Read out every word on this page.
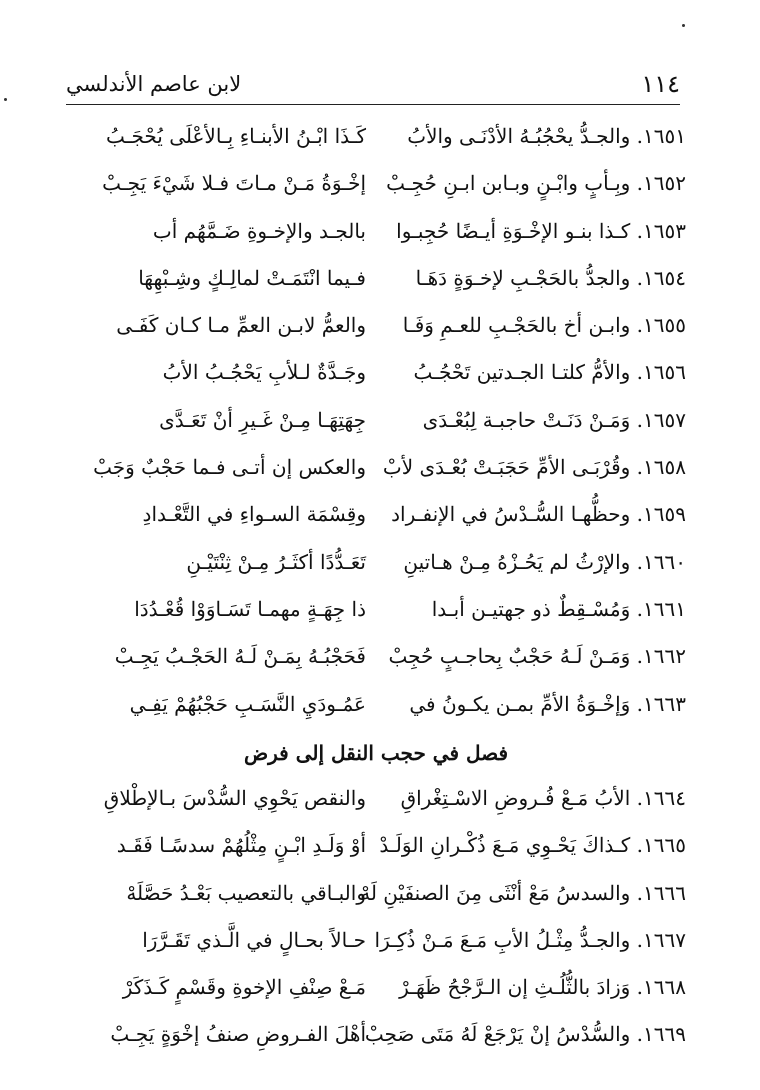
١١٤
لابن عاصم الأندلسي
١٦٥١. والجـدُّ يحْجُبُـهُ الأدْنَـى والأبُ
كَـذَا ابْـنُ الأبنـاءِ بِـالأعْلَى يُحْجَـبُ
١٦٥٢. وبِـأبٍ وابْـنٍ وبـابن ابـنِ حُجِـبْ
إخْـوَةُ مَـنْ مـاتَ فـلا شَيْءَ يَجِـبْ
١٦٥٣. كـذا بنـو الإخْـوَةِ أيـضًا حُجِبـوا
بالجـد والإخـوةِ ضَـمَّهُم أب
١٦٥٤. والجدُّ بالحَجْـبِ لإخـوَةٍ دَهَـا
فـيما انْتَمَـتْ لمالِـكٍ وشِـبْهِهَا
١٦٥٥. وابـن أخ بالحَجْـبِ للعـمِ وَفَـا
والعمُّ لابـن العمِّ مـا كـان كَفَـى
١٦٥٦. والأمُّ كلتـا الجـدتين تَحْجُـبُ
وجَـدَّةٌ لـلأبِ يَحْجُـبُ الأبُ
١٦٥٧. وَمَـنْ دَنَـتْ حاجبـة لِبُعْـدَى
جِهَتِهَـا مِـنْ غَـيرِ أنْ تَعَـدَّى
١٦٥٨. وقُرْبَـى الأمِّ حَجَبَـتْ بُعْـدَى لأبْ
والعكس إن أتـى فـما حَجْبٌ وَجَبْ
١٦٥٩. وحظُّهـا السُّـدْسُ في الإنفـراد
وقِسْمَة السـواءِ في التَّعْـدادِ
١٦٦٠. والإرْثُ لم يَحُـزْهُ مِـنْ هـاتينِ
تَعَـدُّدًا أكثَـرُ مِـنْ ثِنْتَيْـنِ
١٦٦١. وَمُسْـقِطٌ ذو جهتيـن أبـدا
ذا جِهَـةٍ مهمـا تَسَـاوَوْا قُعْـدُدَا
١٦٦٢. وَمَـنْ لَـهُ حَجْبٌ بِحاجـبٍ حُجِبْ
فَحَجْبُـهُ بِمَـنْ لَـهُ الحَجْـبُ يَجِـبْ
١٦٦٣. وَإخْـوَةُ الأمِّ بمـن يكـونُ في
عَمُـودَيِ النَّسَـبِ حَجْبُهُمْ يَفِـي
فصل في حجب النقل إلى فرض
١٦٦٤. الأبُ مَـعْ فُـروضِ الاسْـتِغْراقِ
والنقص يَحْوِي السُّدْسَ بـالإطْلاقِ
١٦٦٥. كـذاكَ يَحْـوِي مَـعَ ذُكْـرانِ الوَلَـدْ
أوْ وَلَـدِ ابْـنٍ مِثْلُهُمْ سدسًـا فَقَـد
١٦٦٦. والسدسُ مَعْ أنْثَى مِنَ الصنفَيْنِ لَهْ
والبـاقي بالتعصيب بَعْـدُ حَصَّلَهْ
١٦٦٧. والجـدُّ مِثْـلُ الأبِ مَـعَ مَـنْ ذُكِـرَا
حـالاً بحـالٍ في الَّـذي تَقَـرَّرَا
١٦٦٨. وَزادَ بالثُّلُـثِ إن الـرَّجْحُ ظَهَـرْ
مَـعْ صِنْفِ الإخوةِ وقَسْمٍ كَـذَكَرْ
١٦٦٩. والسُّدْسُ إنْ يَرْجَعْ لَهُ مَتَى صَحِبْ
أهْلَ الفـروضِ صنفُ إخْوَةٍ يَجِـبْ
